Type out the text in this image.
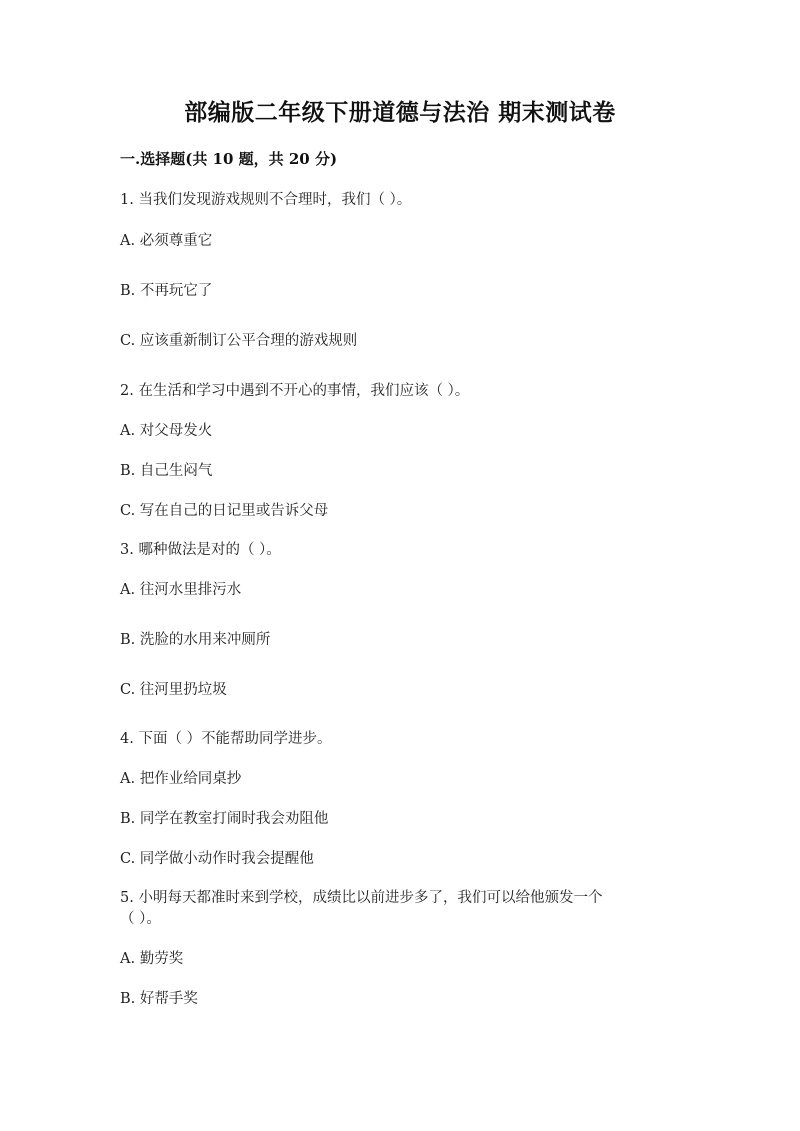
部编版二年级下册道德与法治 期末测试卷
一.选择题(共 10 题，共 20 分)
1. 当我们发现游戏规则不合理时，我们（ ）。
A. 必须尊重它
B. 不再玩它了
C. 应该重新制订公平合理的游戏规则
2. 在生活和学习中遇到不开心的事情，我们应该（ ）。
A. 对父母发火
B. 自己生闷气
C. 写在自己的日记里或告诉父母
3. 哪种做法是对的（ ）。
A. 往河水里排污水
B. 洗脸的水用来冲厕所
C. 往河里扔垃圾
4. 下面（ ）不能帮助同学进步。
A. 把作业给同桌抄
B. 同学在教室打闹时我会劝阻他
C. 同学做小动作时我会提醒他
5. 小明每天都准时来到学校，成绩比以前进步多了，我们可以给他颁发一个
（ ）。
A. 勤劳奖
B. 好帮手奖
